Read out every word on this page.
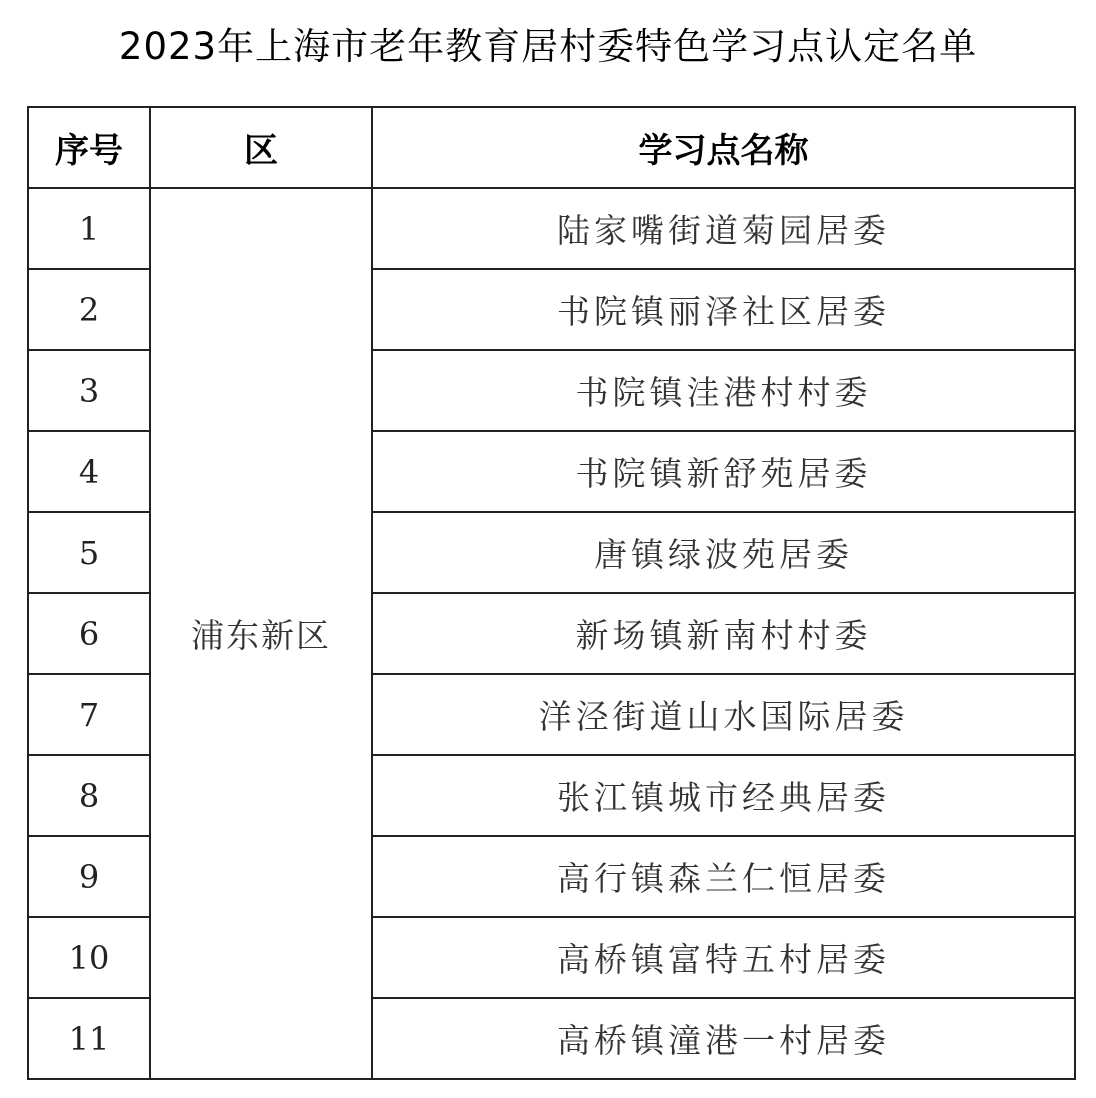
2023年上海市老年教育居村委特色学习点认定名单
序号	区	学习点名称
1	浦东新区	陆家嘴街道菊园居委
2		书院镇丽泽社区居委
3		书院镇洼港村村委
4		书院镇新舒苑居委
5		唐镇绿波苑居委
6		新场镇新南村村委
7		洋泾街道山水国际居委
8		张江镇城市经典居委
9		高行镇森兰仁恒居委
10		高桥镇富特五村居委
11		高桥镇潼港一村居委
